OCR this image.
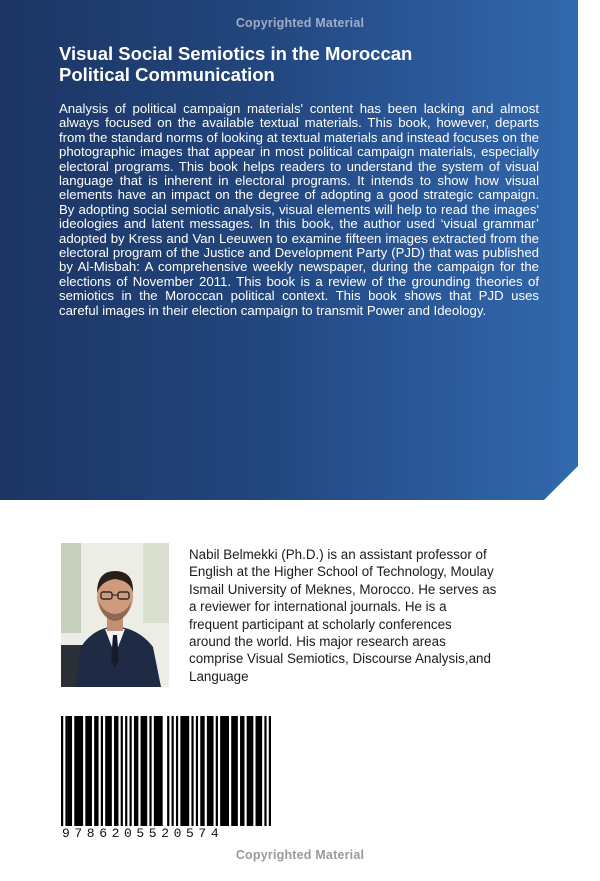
Copyrighted Material
Visual Social Semiotics in the Moroccan
Political Communication

Analysis of political campaign materials' content has been lacking and almost always focused on the available textual materials. This book, however, departs from the standard norms of looking at textual materials and instead focuses on the photographic images that appear in most political campaign materials, especially electoral programs. This book helps readers to understand the system of visual language that is inherent in electoral programs. It intends to show how visual elements have an impact on the degree of adopting a good strategic campaign. By adopting social semiotic analysis, visual elements will help to read the images' ideologies and latent messages. In this book, the author used ‘visual grammar’ adopted by Kress and Van Leeuwen to examine fifteen images extracted from the electoral program of the Justice and Development Party (PJD) that was published by Al-Misbah: A comprehensive weekly newspaper, during the campaign for the elections of November 2011. This book is a review of the grounding theories of semiotics in the Moroccan political context. This book shows that PJD uses careful images in their election campaign to transmit Power and Ideology.

Nabil Belmekki (Ph.D.) is an assistant professor of
English at the Higher School of Technology, Moulay
Ismail University of Meknes, Morocco. He serves as
a reviewer for international journals. He is a
frequent participant at scholarly conferences
around the world. His major research areas
comprise Visual Semiotics, Discourse Analysis,and
Language

9786205520574
Copyrighted Material
